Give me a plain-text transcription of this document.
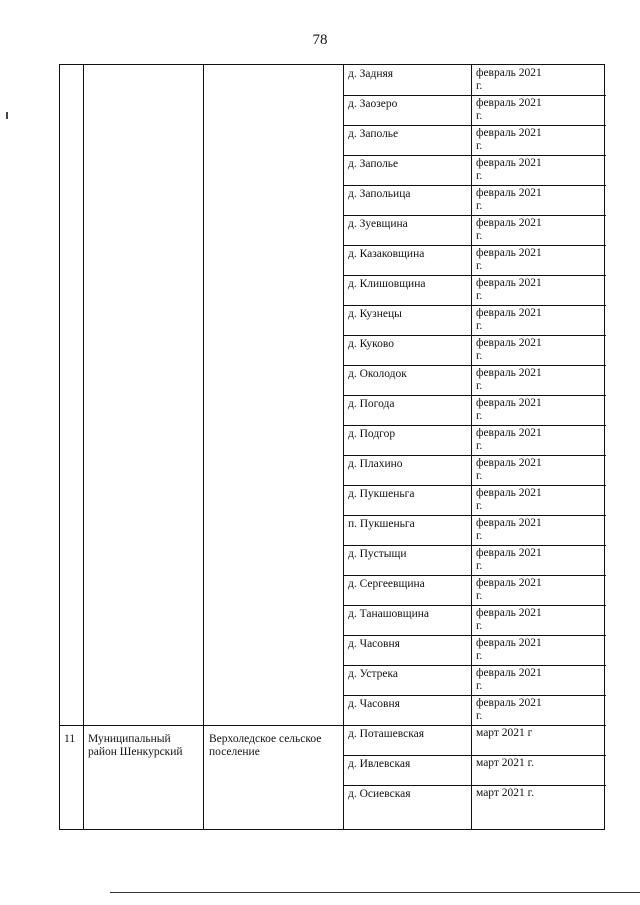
78
11 Муниципальный район Шенкурский
Верхоледское сельское поселение
д. Задняя	февраль 2021 г.
д. Заозеро	февраль 2021 г.
д. Заполье	февраль 2021 г.
д. Заполье	февраль 2021 г.
д. Запольица	февраль 2021 г.
д. Зуевщина	февраль 2021 г.
д. Казаковщина	февраль 2021 г.
д. Клишовщина	февраль 2021 г.
д. Кузнецы	февраль 2021 г.
д. Куково	февраль 2021 г.
д. Околодок	февраль 2021 г.
д. Погода	февраль 2021 г.
д. Подгор	февраль 2021 г.
д. Плахино	февраль 2021 г.
д. Пукшеньга	февраль 2021 г.
п. Пукшеньга	февраль 2021 г.
д. Пустыщи	февраль 2021 г.
д. Сергеевщина	февраль 2021 г.
д. Танашовщина	февраль 2021 г.
д. Часовня	февраль 2021 г.
д. Устрека	февраль 2021 г.
д. Часовня	февраль 2021 г.
д. Поташевская	март 2021 г
д. Ивлевская	март 2021 г.
д. Осиевская	март 2021 г.
